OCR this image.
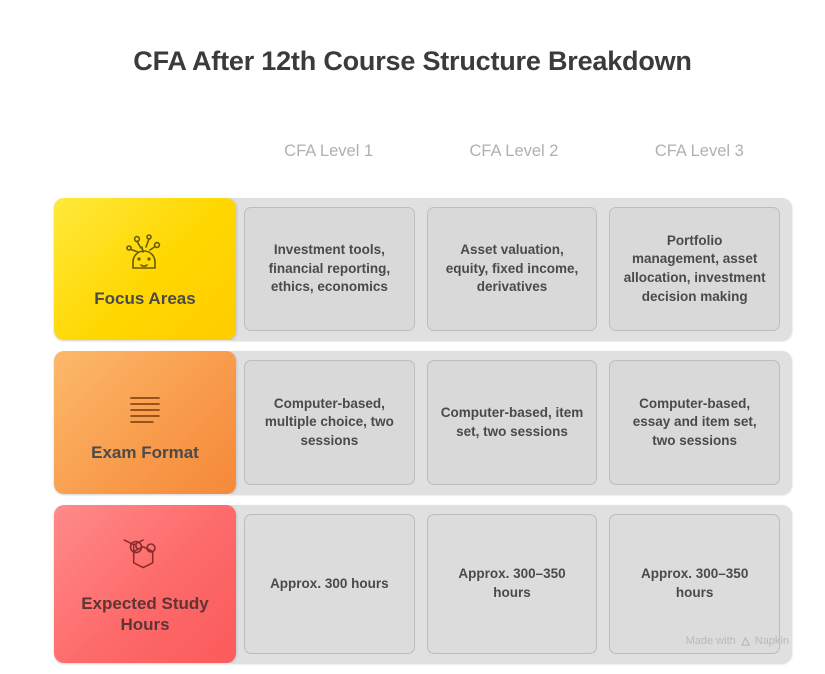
CFA After 12th Course Structure Breakdown
CFA Level 1	CFA Level 2	CFA Level 3
Focus Areas
Investment tools, financial reporting, ethics, economics
Asset valuation, equity, fixed income, derivatives
Portfolio management, asset allocation, investment decision making
Exam Format
Computer-based, multiple choice, two sessions
Computer-based, item set, two sessions
Computer-based, essay and item set, two sessions
Expected Study Hours
Approx. 300 hours
Approx. 300–350 hours
Approx. 300–350 hours
Made with Napkin
